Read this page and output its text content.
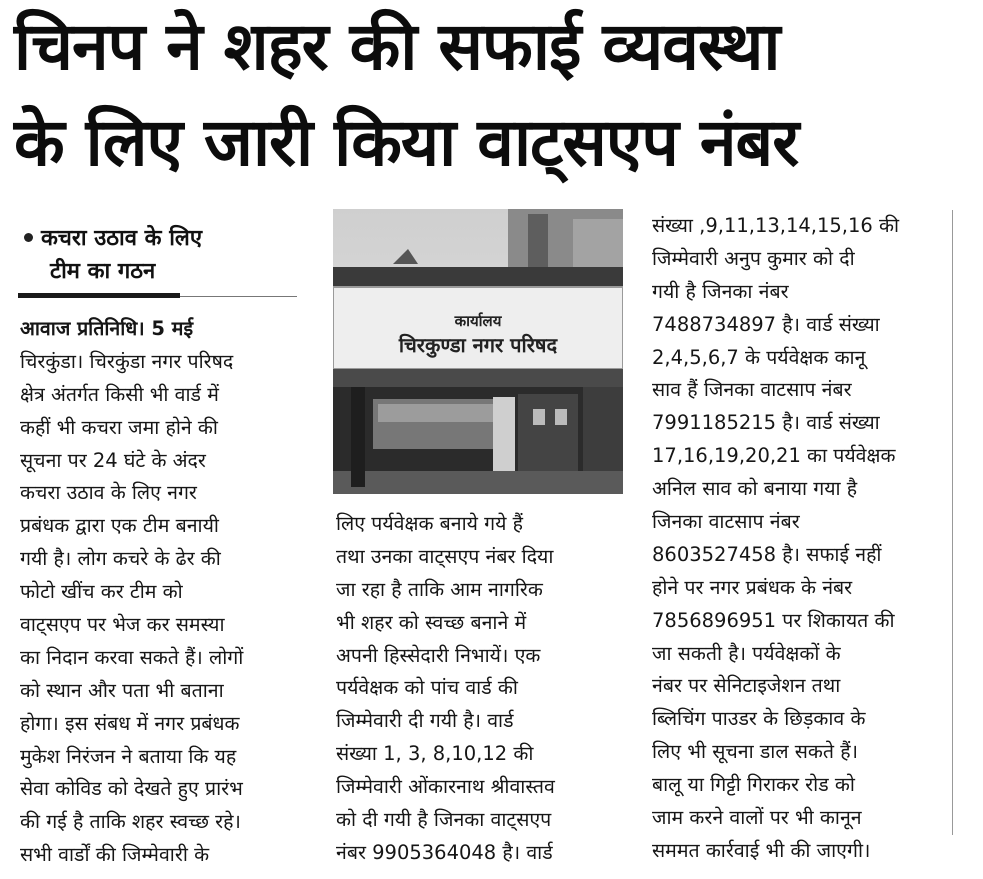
चिनप ने शहर की सफाई व्यवस्था
के लिए जारी किया वाट्सएप नंबर
कचरा उठाव के लिए
टीम का गठन
कार्यालय
चिरकुण्डा नगर परिषद
आवाज प्रतिनिधि। 5 मई
चिरकुंडा। चिरकुंडा नगर परिषद
क्षेत्र अंतर्गत किसी भी वार्ड में
कहीं भी कचरा जमा होने की
सूचना पर 24 घंटे के अंदर
कचरा उठाव के लिए नगर
प्रबंधक द्वारा एक टीम बनायी
गयी है। लोग कचरे के ढेर की
फोटो खींच कर टीम को
वाट्सएप पर भेज कर समस्या
का निदान करवा सकते हैं। लोगों
को स्थान और पता भी बताना
होगा। इस संबध में नगर प्रबंधक
मुकेश निरंजन ने बताया कि यह
सेवा कोविड को देखते हुए प्रारंभ
की गई है ताकि शहर स्वच्छ रहे।
सभी वार्डों की जिम्मेवारी के
लिए पर्यवेक्षक बनाये गये हैं
तथा उनका वाट्सएप नंबर दिया
जा रहा है ताकि आम नागरिक
भी शहर को स्वच्छ बनाने में
अपनी हिस्सेदारी निभायें। एक
पर्यवेक्षक को पांच वार्ड की
जिम्मेवारी दी गयी है। वार्ड
संख्या 1, 3, 8,10,12 की
जिम्मेवारी ओंकारनाथ श्रीवास्तव
को दी गयी है जिनका वाट्सएप
नंबर 9905364048 है। वार्ड
संख्या ,9,11,13,14,15,16 की
जिम्मेवारी अनुप कुमार को दी
गयी है जिनका नंबर
7488734897 है। वार्ड संख्या
2,4,5,6,7 के पर्यवेक्षक कानू
साव हैं जिनका वाटसाप नंबर
7991185215 है। वार्ड संख्या
17,16,19,20,21 का पर्यवेक्षक
अनिल साव को बनाया गया है
जिनका वाटसाप नंबर
8603527458 है। सफाई नहीं
होने पर नगर प्रबंधक के नंबर
7856896951 पर शिकायत की
जा सकती है। पर्यवेक्षकों के
नंबर पर सेनिटाइजेशन तथा
ब्लिचिंग पाउडर के छिड़काव के
लिए भी सूचना डाल सकते हैं।
बालू या गिट्टी गिराकर रोड को
जाम करने वालों पर भी कानून
सममत कार्रवाई भी की जाएगी।
